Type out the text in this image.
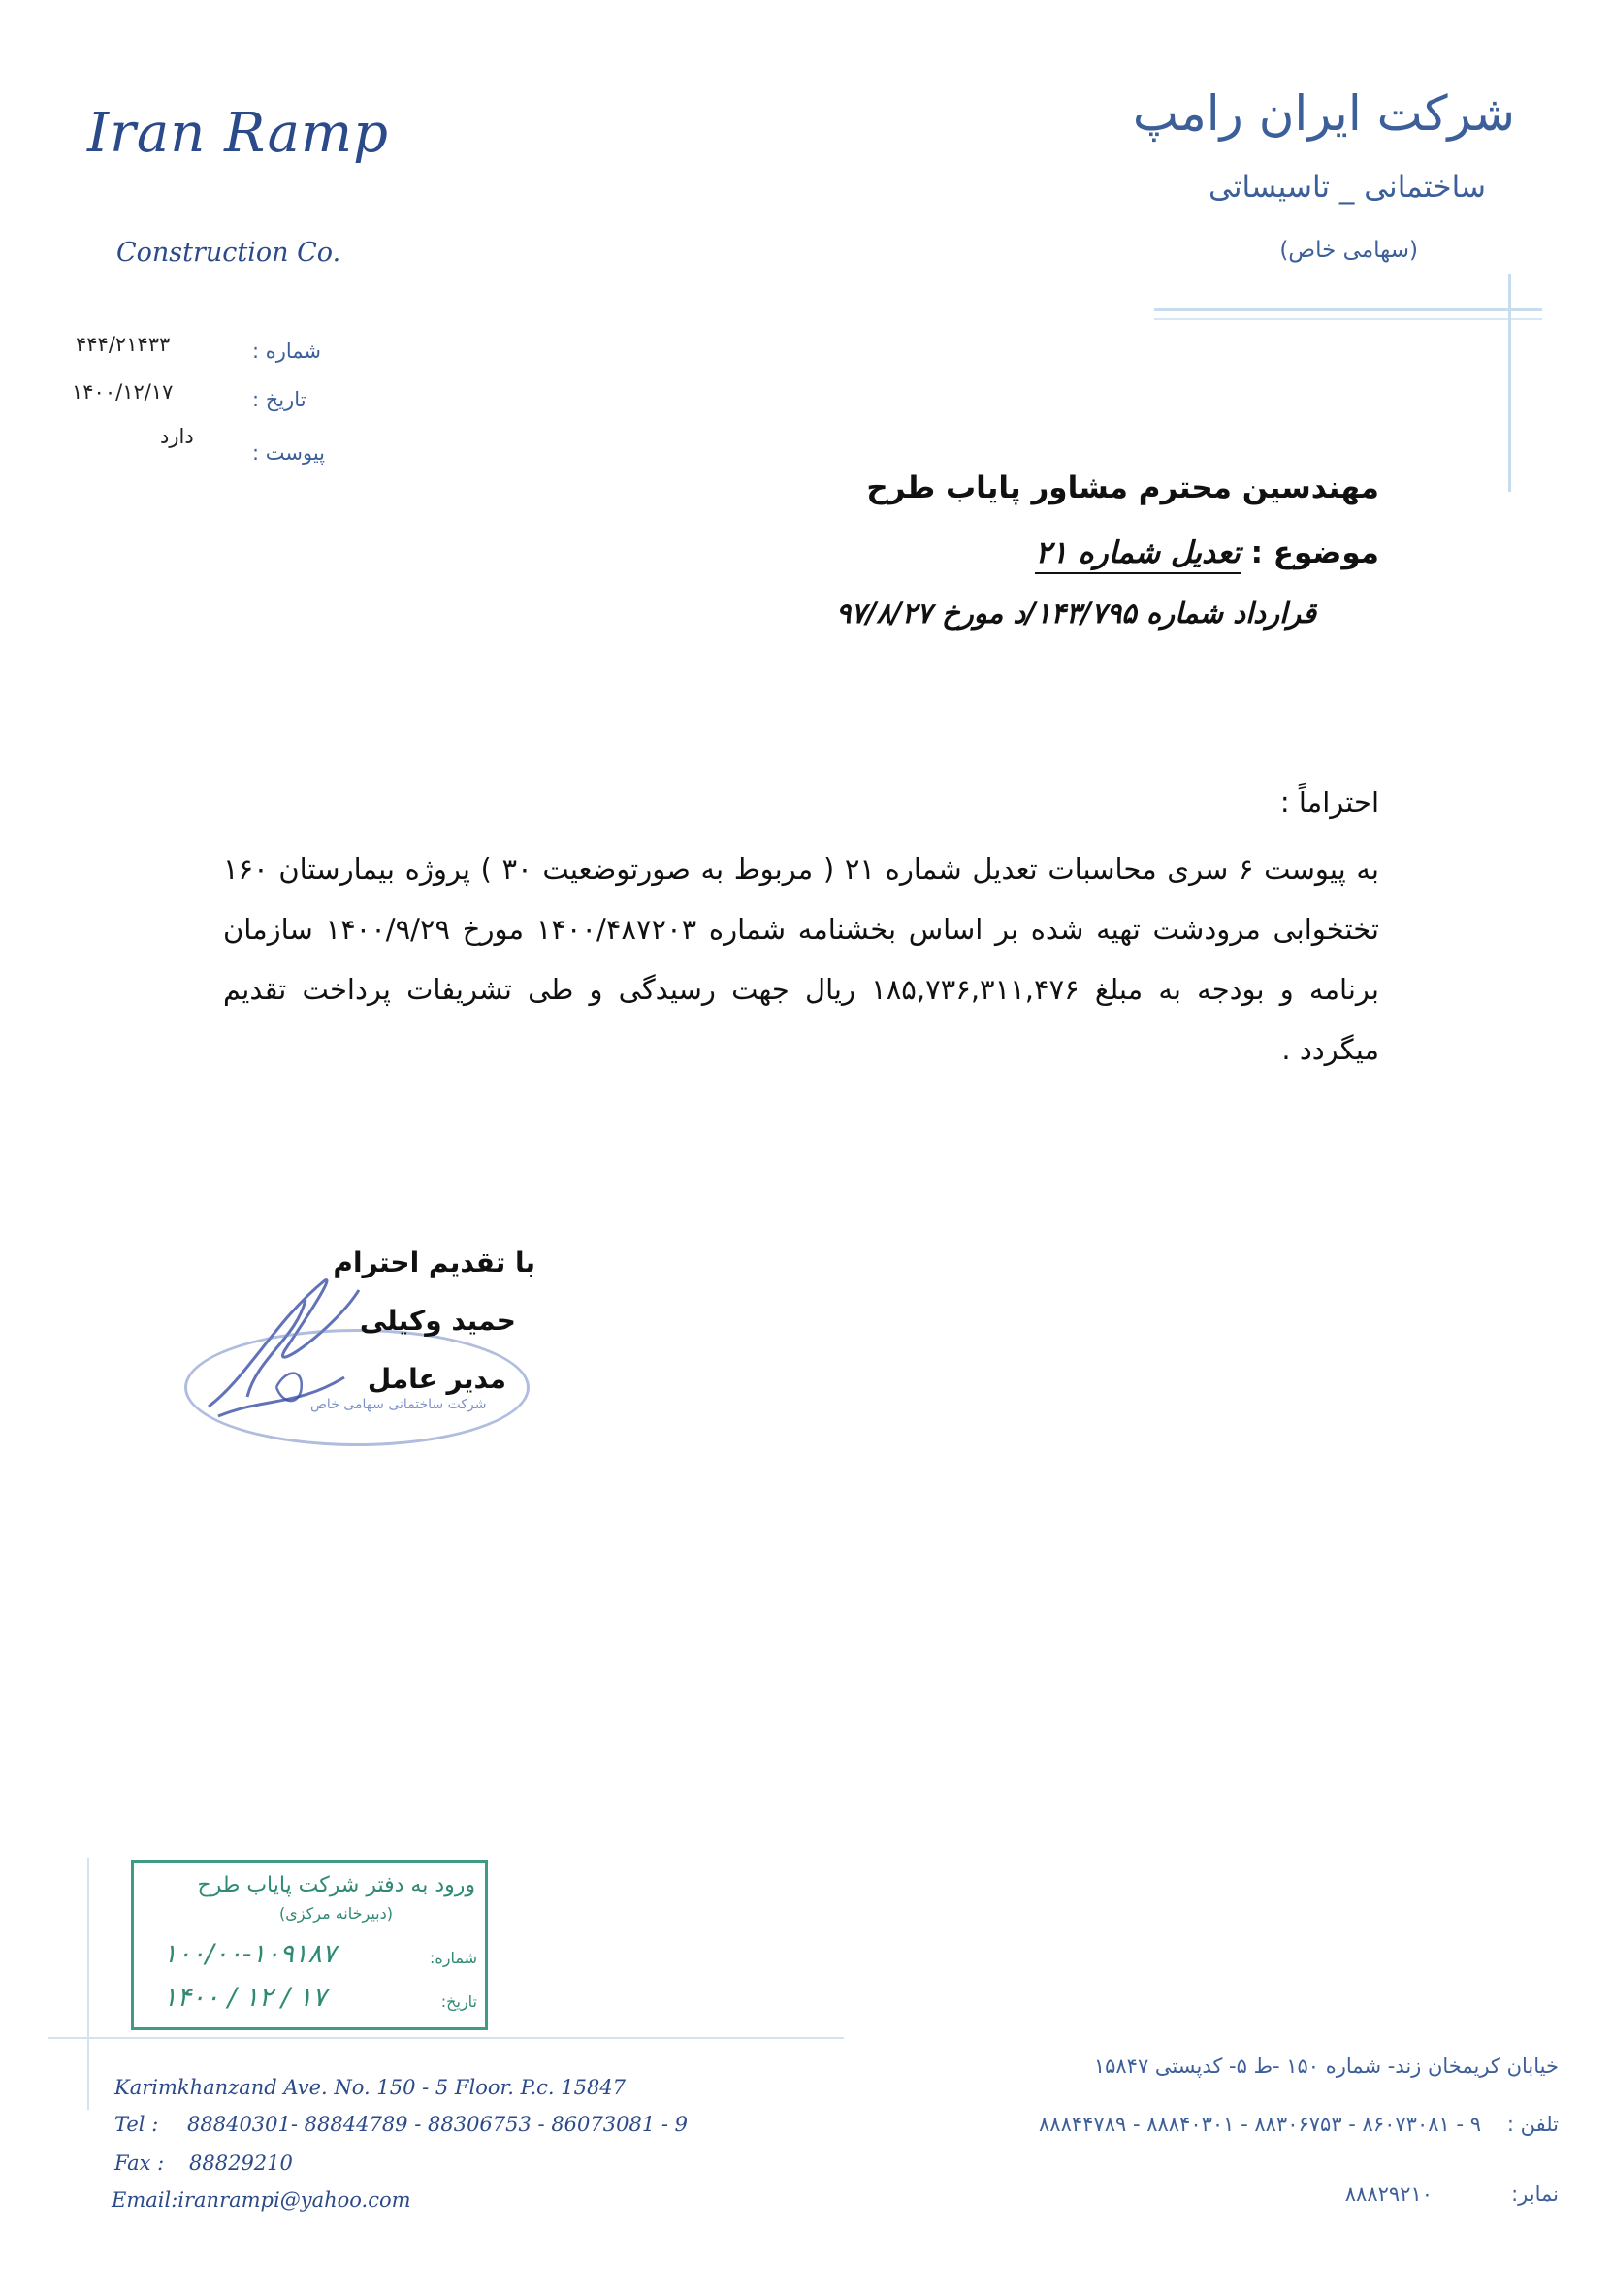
Iran Ramp
Construction Co.
شرکت ایران رامپ
ساختمانی _ تاسیساتی
(سهامی خاص)
شماره :
۴۴۴/۲۱۴۳۳
تاریخ :
۱۴۰۰/۱۲/۱۷
پیوست :
دارد
مهندسین محترم مشاور پایاب طرح
موضوع : تعدیل شماره ۲۱
قرارداد شماره ۱۴۳/۷۹۵/د مورخ ۹۷/۸/۲۷
احتراماً :
به پیوست ۶ سری محاسبات تعدیل شماره ۲۱ ( مربوط به صورتوضعیت ۳۰ ) پروژه بیمارستان ۱۶۰ تختخوابی مرودشت تهیه شده بر اساس بخشنامه شماره ۱۴۰۰/۴۸۷۲۰۳ مورخ ۱۴۰۰/۹/۲۹ سازمان برنامه و بودجه به مبلغ ۱۸۵,۷۳۶,۳۱۱,۴۷۶ ریال جهت رسیدگی و طی تشریفات پرداخت تقدیم میگردد .
شرکت ساختمانی سهامی خاص
با تقدیم احترام
حمید وکیلی
مدیر عامل
ورود به دفتر شرکت پایاب طرح
(دبیرخانه مرکزی)
شماره:
۱۰۰/۰۰-۱۰۹۱۸۷
تاریخ:
۱۴۰۰ / ۱۲ / ۱۷
Karimkhanzand Ave. No. 150 - 5 Floor. P.c. 15847
Tel : 88840301- 88844789 - 88306753 - 86073081 - 9
Fax : 88829210
Email:iranrampi@yahoo.com
خیابان کریمخان زند- شماره ۱۵۰ -ط ۵- کدپستی ۱۵۸۴۷
تلفن :
۹ - ۸۶۰۷۳۰۸۱ - ۸۸۳۰۶۷۵۳ - ۸۸۸۴۰۳۰۱ - ۸۸۸۴۴۷۸۹
نمابر:
۸۸۸۲۹۲۱۰
